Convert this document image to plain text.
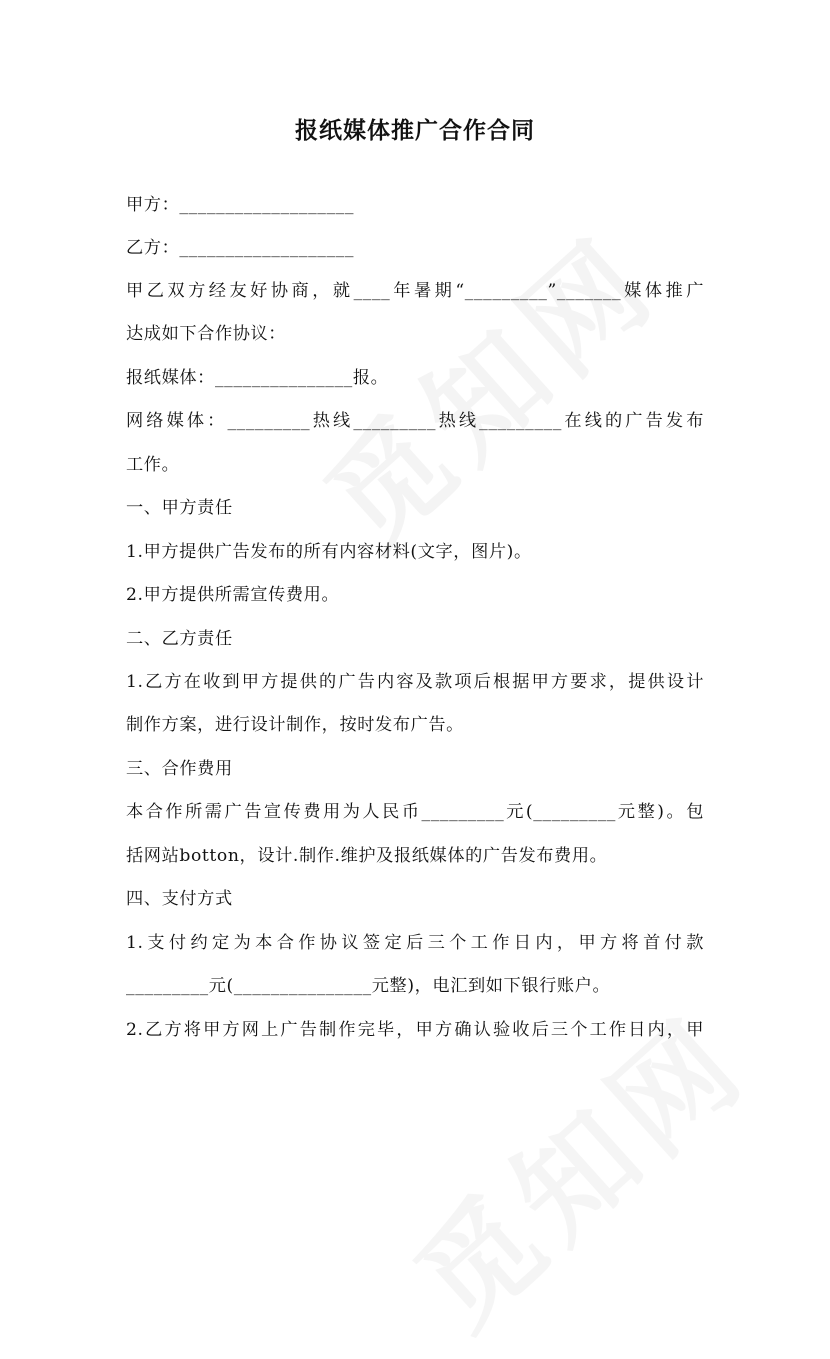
报纸媒体推广合作合同
甲方：___________________
乙方：___________________
甲乙双方经友好协商，就____年暑期“_________”_______媒体推广
达成如下合作协议：
报纸媒体：_______________报。
网络媒体：_________热线_________热线_________在线的广告发布
工作。
一、甲方责任
1.甲方提供广告发布的所有内容材料(文字，图片)。
2.甲方提供所需宣传费用。
二、乙方责任
1.乙方在收到甲方提供的广告内容及款项后根据甲方要求，提供设计
制作方案，进行设计制作，按时发布广告。
三、合作费用
本合作所需广告宣传费用为人民币_________元(_________元整)。包
括网站botton，设计.制作.维护及报纸媒体的广告发布费用。
四、支付方式
1.支付约定为本合作协议签定后三个工作日内，甲方将首付款
_________元(_______________元整)，电汇到如下银行账户。
2.乙方将甲方网上广告制作完毕，甲方确认验收后三个工作日内，甲
